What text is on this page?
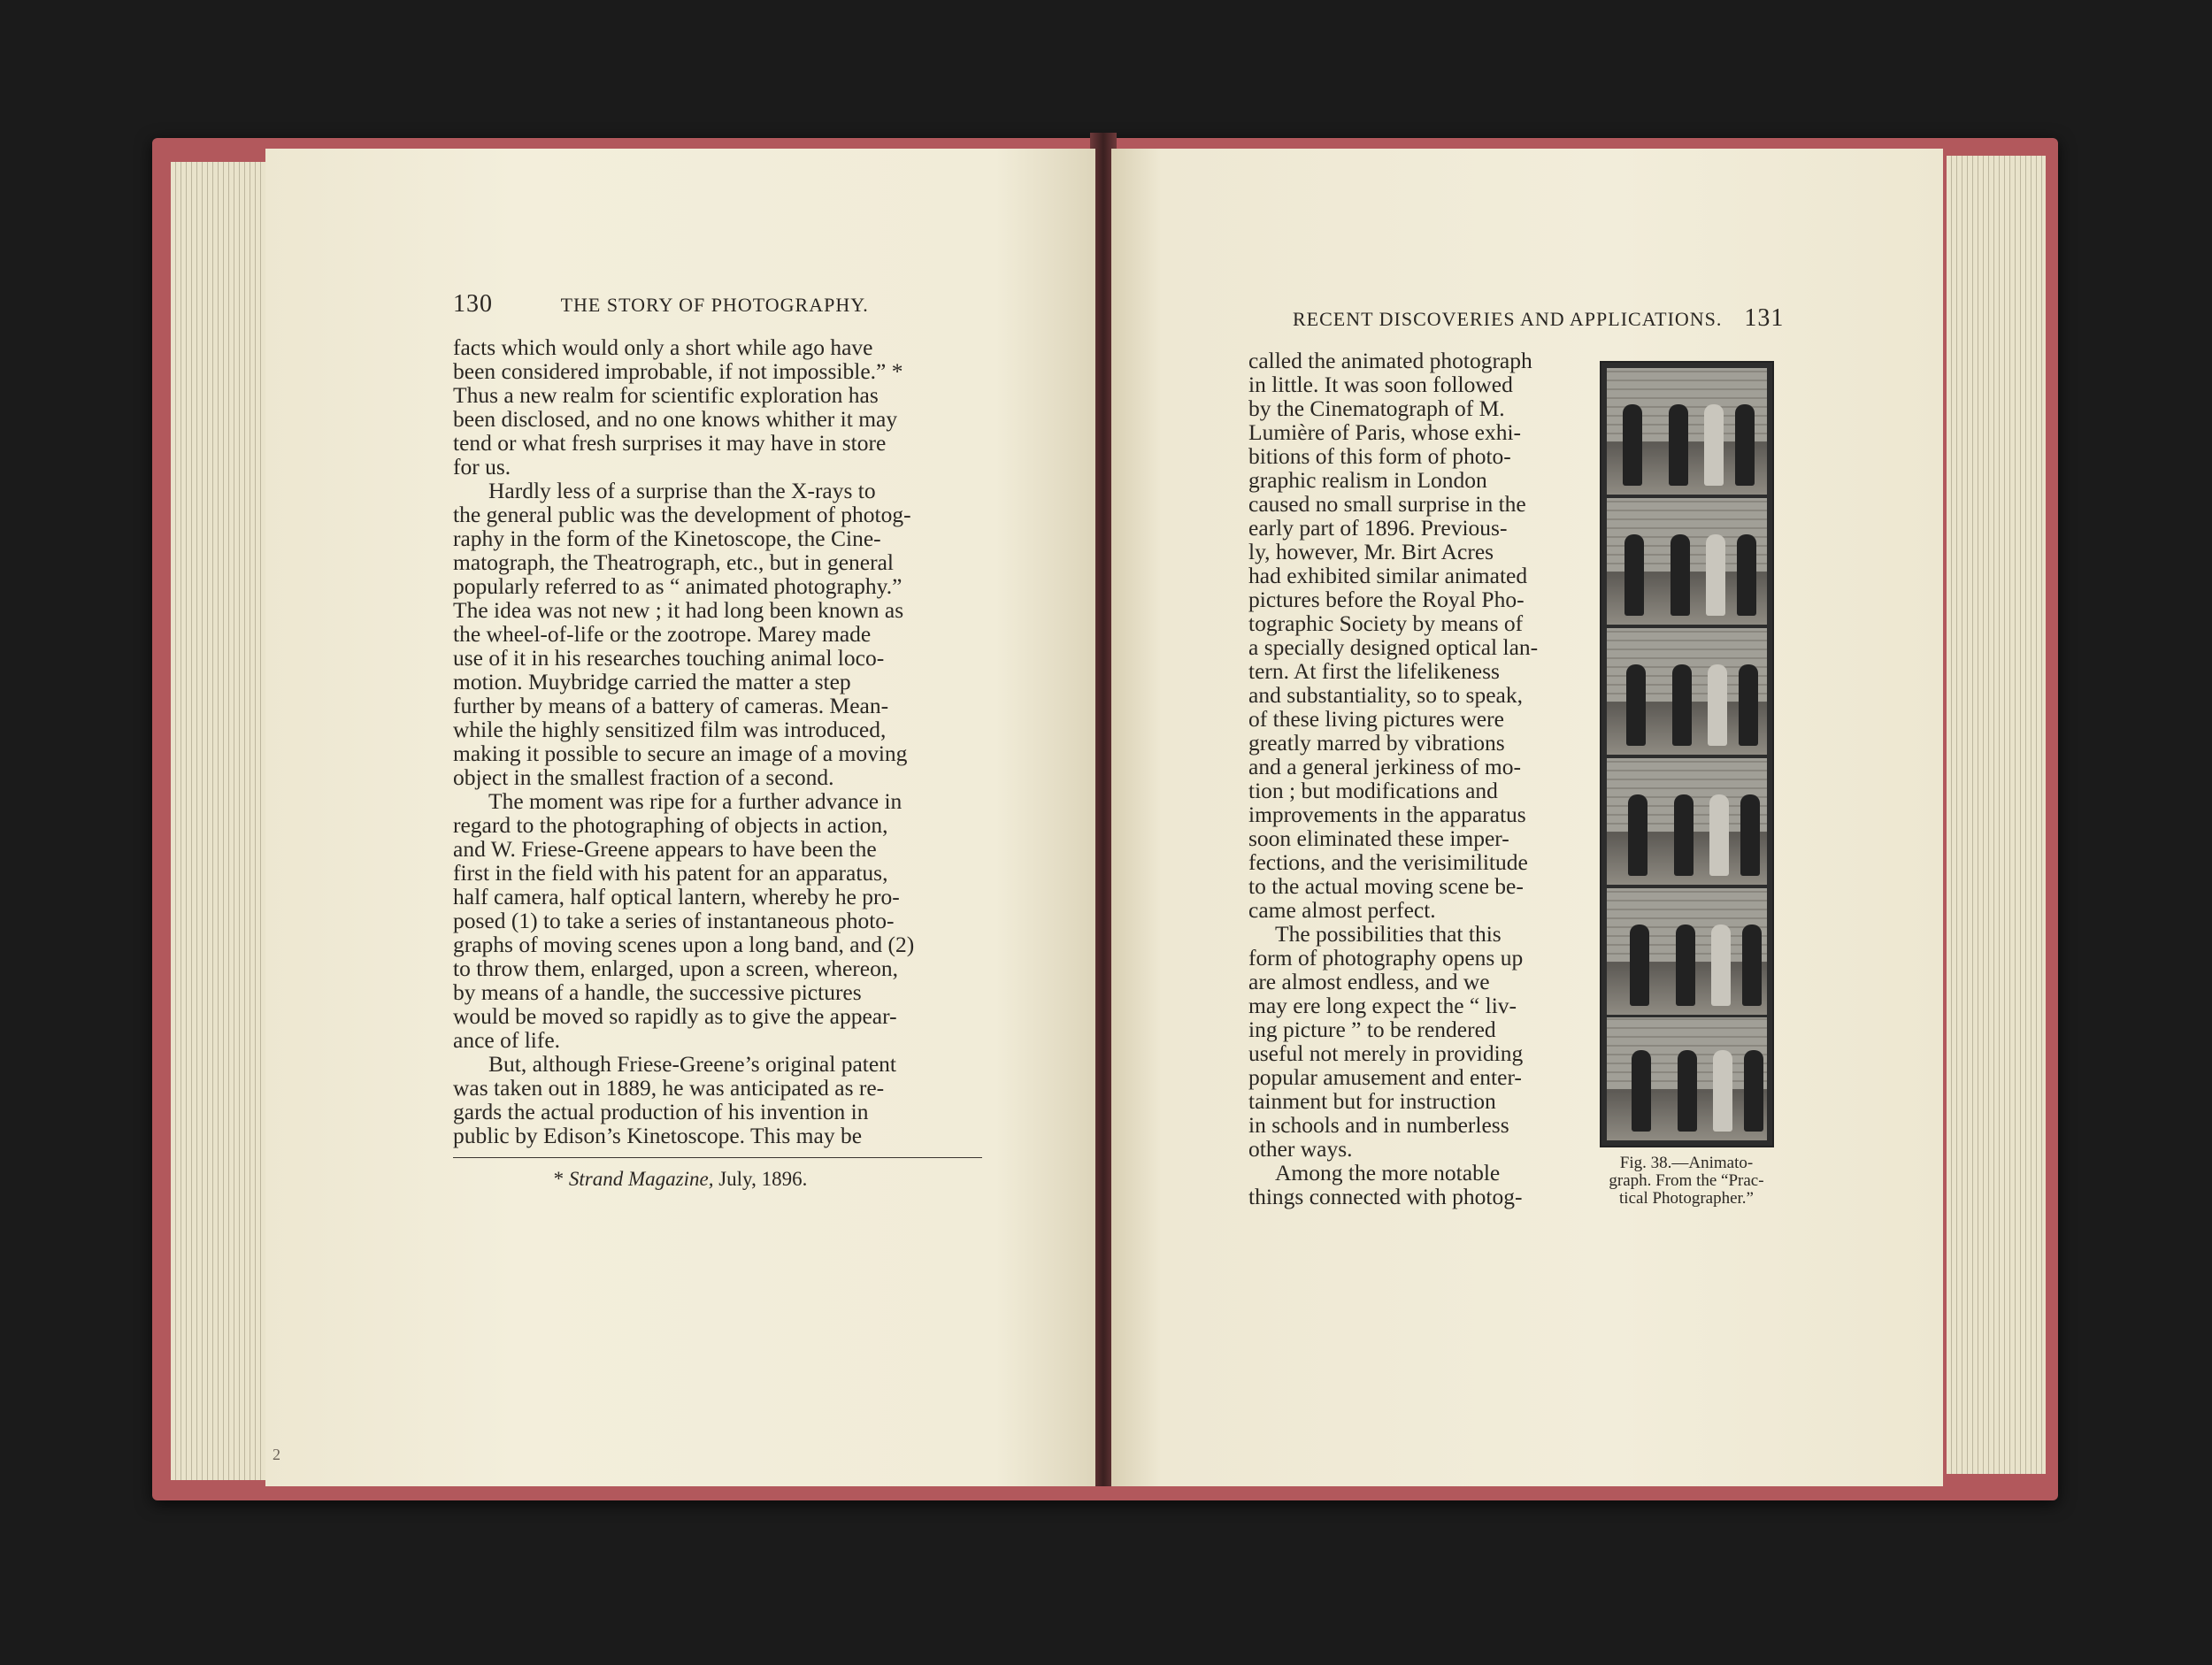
130	THE STORY OF PHOTOGRAPHY.
facts which would only a short while ago have
been considered improbable, if not impossible.” *
Thus a new realm for scientific exploration has
been disclosed, and no one knows whither it may
tend or what fresh surprises it may have in store
for us.
Hardly less of a surprise than the X-rays to
the general public was the development of photog-
raphy in the form of the Kinetoscope, the Cine-
matograph, the Theatrograph, etc., but in general
popularly referred to as “ animated photography.”
The idea was not new ; it had long been known as
the wheel-of-life or the zootrope. Marey made
use of it in his researches touching animal loco-
motion. Muybridge carried the matter a step
further by means of a battery of cameras. Mean-
while the highly sensitized film was introduced,
making it possible to secure an image of a moving
object in the smallest fraction of a second.
The moment was ripe for a further advance in
regard to the photographing of objects in action,
and W. Friese-Greene appears to have been the
first in the field with his patent for an apparatus,
half camera, half optical lantern, whereby he pro-
posed (1) to take a series of instantaneous photo-
graphs of moving scenes upon a long band, and (2)
to throw them, enlarged, upon a screen, whereon,
by means of a handle, the successive pictures
would be moved so rapidly as to give the appear-
ance of life.
But, although Friese-Greene’s original patent
was taken out in 1889, he was anticipated as re-
gards the actual production of his invention in
public by Edison’s Kinetoscope. This may be
* Strand Magazine, July, 1896.
2
RECENT DISCOVERIES AND APPLICATIONS. 131
called the animated photograph
in little. It was soon followed
by the Cinematograph of M.
Lumière of Paris, whose exhi-
bitions of this form of photo-
graphic realism in London
caused no small surprise in the
early part of 1896. Previous-
ly, however, Mr. Birt Acres
had exhibited similar animated
pictures before the Royal Pho-
tographic Society by means of
a specially designed optical lan-
tern. At first the lifelikeness
and substantiality, so to speak,
of these living pictures were
greatly marred by vibrations
and a general jerkiness of mo-
tion ; but modifications and
improvements in the apparatus
soon eliminated these imper-
fections, and the verisimilitude
to the actual moving scene be-
came almost perfect.
The possibilities that this
form of photography opens up
are almost endless, and we
may ere long expect the “ liv-
ing picture ” to be rendered
useful not merely in providing
popular amusement and enter-
tainment but for instruction
in schools and in numberless
other ways.
Among the more notable
things connected with photog-
Fig. 38.—Animato-
graph. From the “Prac-
tical Photographer.”
